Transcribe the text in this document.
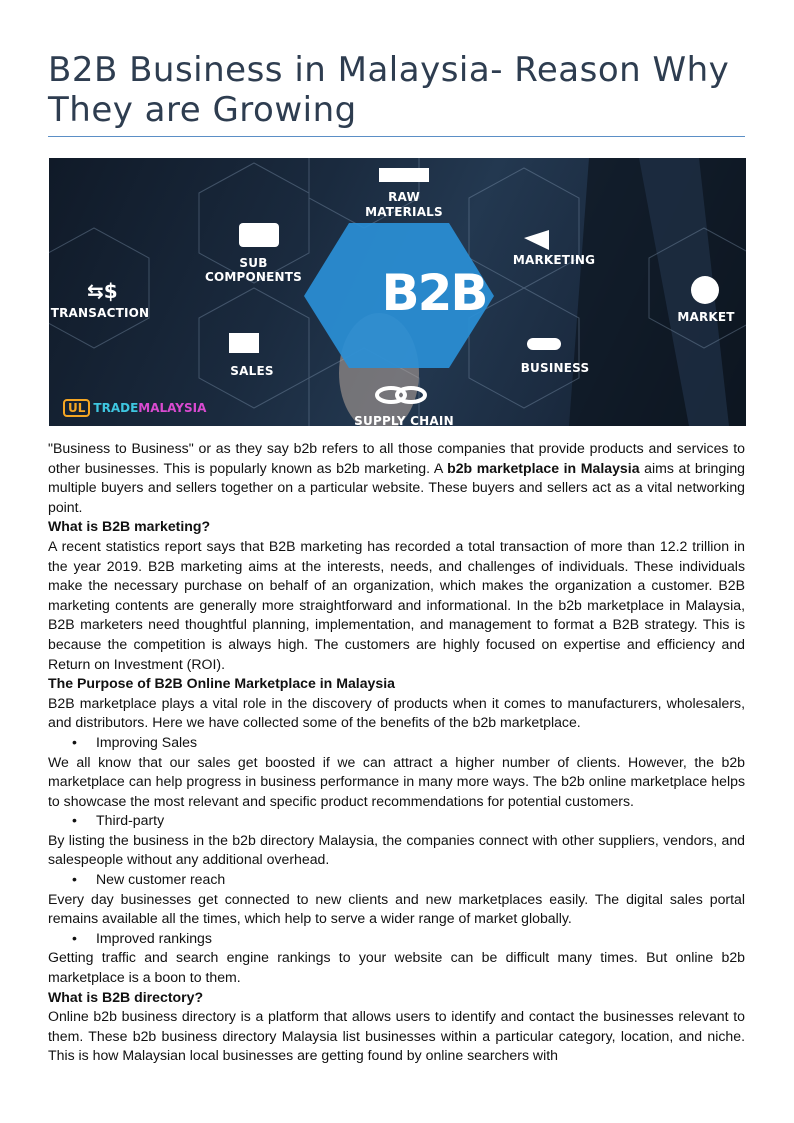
B2B Business in Malaysia- Reason Why They are Growing
⇆$	B2B
RAW
MATERIALS
SUB COMPONENTS
MARKETING
TRANSACTION	MARKET
SALES	BUSINESS
SUPPLY CHAIN
UL TRADEMALAYSIA

"Business to Business" or as they say b2b refers to all those companies that provide products and services to other businesses. This is popularly known as b2b marketing. A b2b marketplace in Malaysia aims at bringing multiple buyers and sellers together on a particular website. These buyers and sellers act as a vital networking point.

What is B2B marketing?

A recent statistics report says that B2B marketing has recorded a total transaction of more than 12.2 trillion in the year 2019. B2B marketing aims at the interests, needs, and challenges of individuals. These individuals make the necessary purchase on behalf of an organization, which makes the organization a customer. B2B marketing contents are generally more straightforward and informational. In the b2b marketplace in Malaysia, B2B marketers need thoughtful planning, implementation, and management to format a B2B strategy. This is because the competition is always high. The customers are highly focused on expertise and efficiency and Return on Investment (ROI).

The Purpose of B2B Online Marketplace in Malaysia

B2B marketplace plays a vital role in the discovery of products when it comes to manufacturers, wholesalers, and distributors. Here we have collected some of the benefits of the b2b marketplace.

• Improving Sales

We all know that our sales get boosted if we can attract a higher number of clients. However, the b2b marketplace can help progress in business performance in many more ways. The b2b online marketplace helps to showcase the most relevant and specific product recommendations for potential customers.

• Third-party

By listing the business in the b2b directory Malaysia, the companies connect with other suppliers, vendors, and salespeople without any additional overhead.

• New customer reach

Every day businesses get connected to new clients and new marketplaces easily. The digital sales portal remains available all the times, which help to serve a wider range of market globally.

• Improved rankings

Getting traffic and search engine rankings to your website can be difficult many times. But online b2b marketplace is a boon to them.

What is B2B directory?

Online b2b business directory is a platform that allows users to identify and contact the businesses relevant to them. These b2b business directory Malaysia list businesses within a particular category, location, and niche. This is how Malaysian local businesses are getting found by online searchers with
